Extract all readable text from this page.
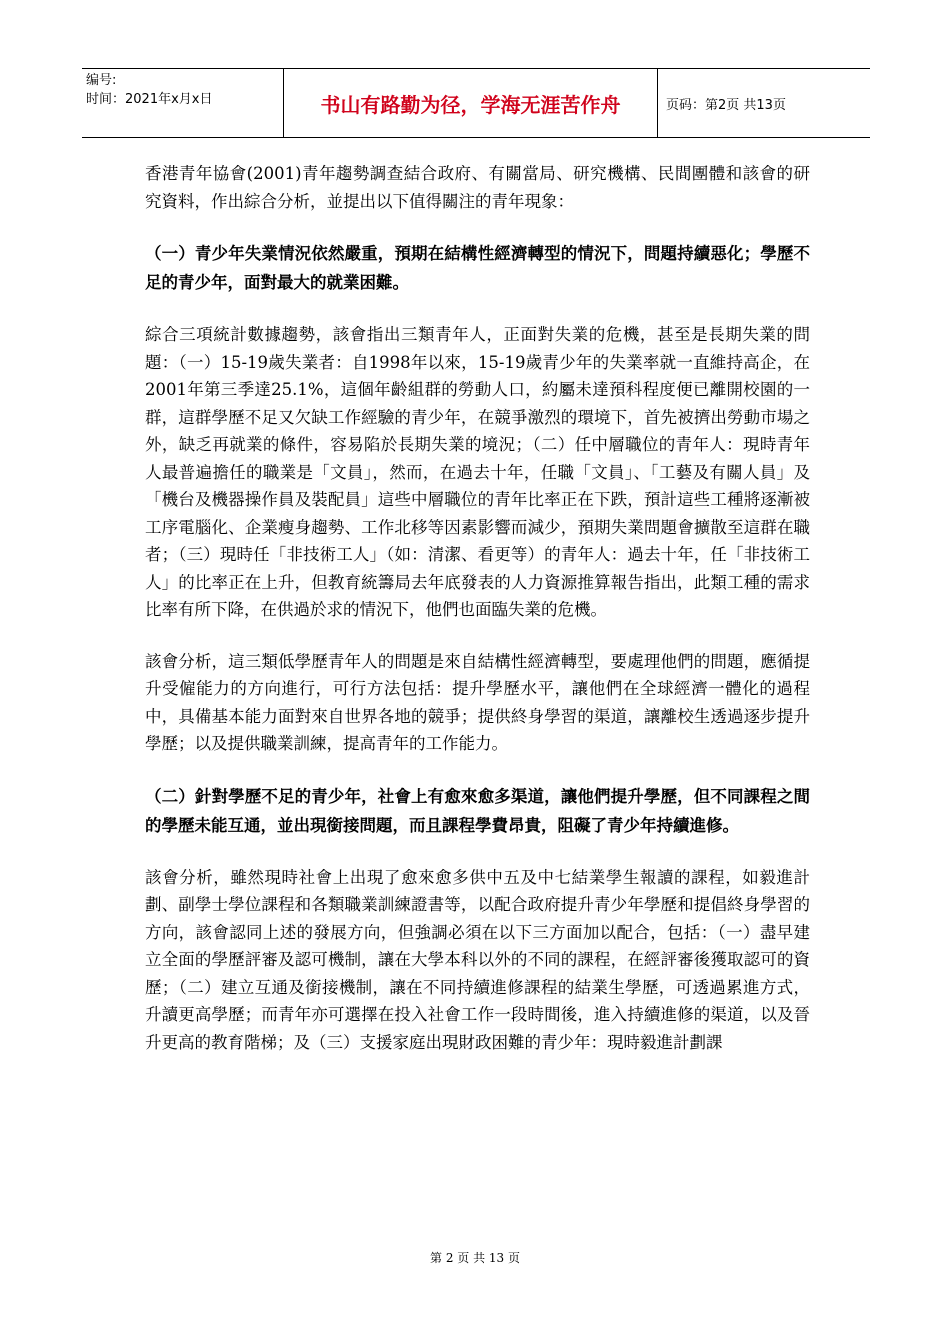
编号:
时间：2021年x月x日	书山有路勤为径，学海无涯苦作舟	页码：第2页 共13页

香港青年協會(2001)青年趨勢調查結合政府、有關當局、研究機構、民間團體和該會的研究資料，作出綜合分析，並提出以下值得關注的青年現象：

（一）青少年失業情況依然嚴重，預期在結構性經濟轉型的情況下，問題持續惡化；學歷不足的青少年，面對最大的就業困難。

綜合三項統計數據趨勢，該會指出三類青年人，正面對失業的危機，甚至是長期失業的問題：（一）15-19歲失業者：自1998年以來，15-19歲青少年的失業率就一直維持高企，在2001年第三季達25.1%，這個年齡組群的勞動人口，約屬未達預科程度便已離開校園的一群，這群學歷不足又欠缺工作經驗的青少年，在競爭激烈的環境下，首先被擠出勞動市場之外，缺乏再就業的條件，容易陷於長期失業的境況；（二）任中層職位的青年人：現時青年人最普遍擔任的職業是「文員」，然而，在過去十年，任職「文員」、「工藝及有關人員」及「機台及機器操作員及裝配員」這些中層職位的青年比率正在下跌，預計這些工種將逐漸被工序電腦化、企業瘦身趨勢、工作北移等因素影響而減少，預期失業問題會擴散至這群在職者；（三）現時任「非技術工人」（如：清潔、看更等）的青年人：過去十年，任「非技術工人」的比率正在上升，但教育統籌局去年底發表的人力資源推算報告指出，此類工種的需求比率有所下降，在供過於求的情況下，他們也面臨失業的危機。

該會分析，這三類低學歷青年人的問題是來自結構性經濟轉型，要處理他們的問題，應循提升受僱能力的方向進行，可行方法包括：提升學歷水平，讓他們在全球經濟一體化的過程中，具備基本能力面對來自世界各地的競爭；提供終身學習的渠道，讓離校生透過逐步提升學歷；以及提供職業訓練，提高青年的工作能力。

（二）針對學歷不足的青少年，社會上有愈來愈多渠道，讓他們提升學歷，但不同課程之間的學歷未能互通，並出現銜接問題，而且課程學費昂貴，阻礙了青少年持續進修。

該會分析，雖然現時社會上出現了愈來愈多供中五及中七結業學生報讀的課程，如毅進計劃、副學士學位課程和各類職業訓練證書等，以配合政府提升青少年學歷和提倡終身學習的方向，該會認同上述的發展方向，但強調必須在以下三方面加以配合，包括：（一）盡早建立全面的學歷評審及認可機制，讓在大學本科以外的不同的課程，在經評審後獲取認可的資歷；（二）建立互通及銜接機制，讓在不同持續進修課程的結業生學歷，可透過累進方式，升讀更高學歷；而青年亦可選擇在投入社會工作一段時間後，進入持續進修的渠道，以及晉升更高的教育階梯；及（三）支援家庭出現財政困難的青少年：現時毅進計劃課

第 2 页 共 13 页
